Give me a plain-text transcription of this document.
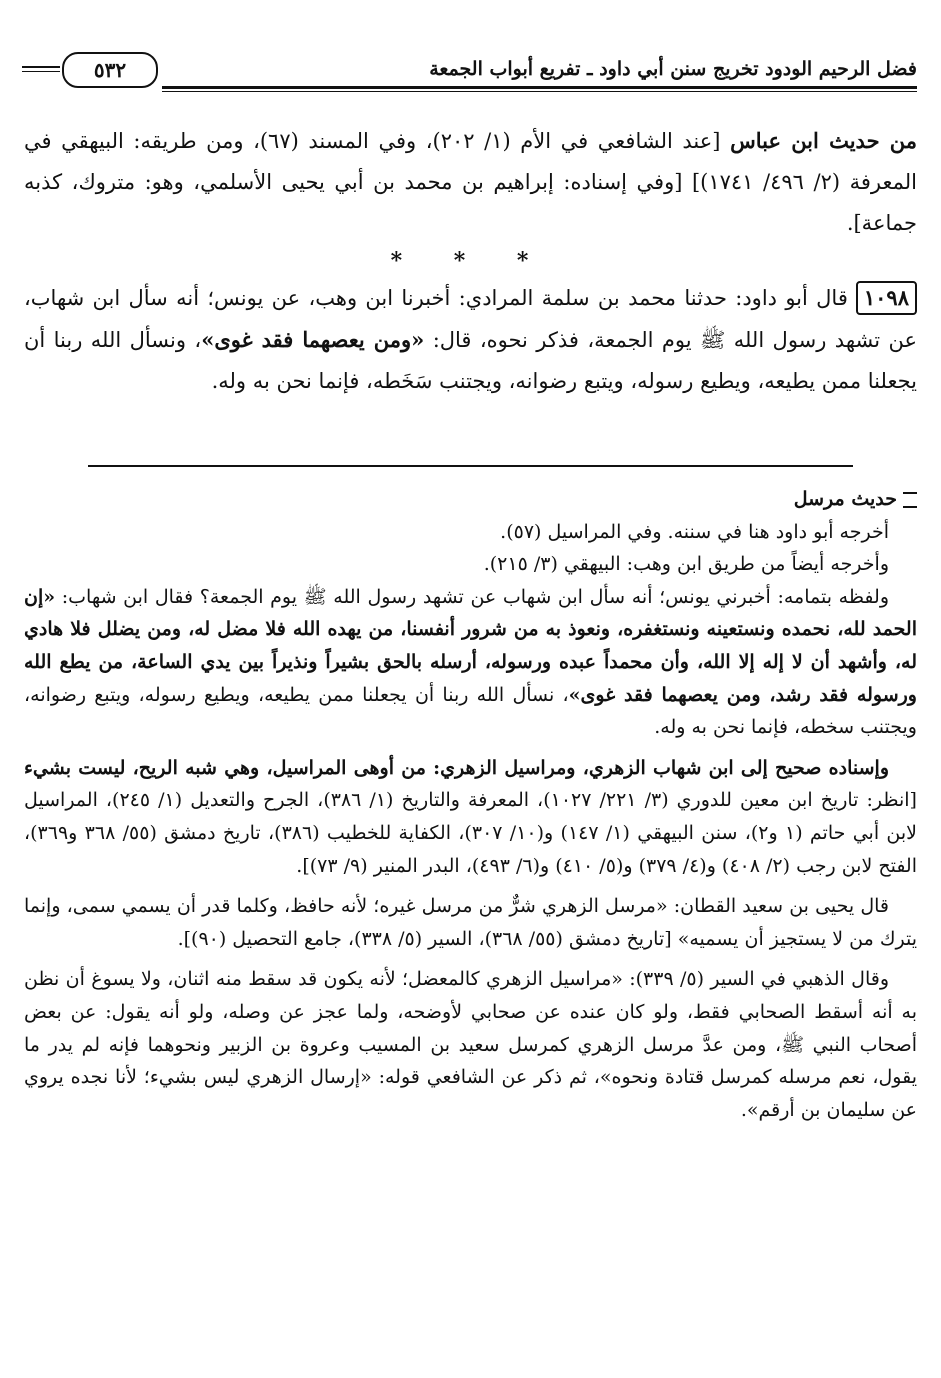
فضل الرحيم الودود تخريج سنن أبي داود ـ تفريع أبواب الجمعة
٥٣٢

من حديث ابن عباس [عند الشافعي في الأم (١/ ٢٠٢)، وفي المسند (٦٧)، ومن طريقه: البيهقي في المعرفة (٢/ ٤٩٦/ ١٧٤١)] [وفي إسناده: إبراهيم بن محمد بن أبي يحيى الأسلمي، وهو: متروك، كذبه جماعة].

* * *

١٠٩٨قال أبو داود: حدثنا محمد بن سلمة المرادي: أخبرنا ابن وهب، عن يونس؛ أنه سأل ابن شهاب، عن تشهد رسول الله ﷺ يوم الجمعة، فذكر نحوه، قال: «ومن يعصهما فقد غوى»، ونسأل الله ربنا أن يجعلنا ممن يطيعه، ويطيع رسوله، ويتبع رضوانه، ويجتنب سَخَطه، فإنما نحن به وله.

حديث مرسل

أخرجه أبو داود هنا في سننه. وفي المراسيل (٥٧).

وأخرجه أيضاً من طريق ابن وهب: البيهقي (٣/ ٢١٥).

ولفظه بتمامه: أخبرني يونس؛ أنه سأل ابن شهاب عن تشهد رسول الله ﷺ يوم الجمعة؟ فقال ابن شهاب: «إن الحمد لله، نحمده ونستعينه ونستغفره، ونعوذ به من شرور أنفسنا، من يهده الله فلا مضل له، ومن يضلل فلا هادي له، وأشهد أن لا إله إلا الله، وأن محمداً عبده ورسوله، أرسله بالحق بشيراً ونذيراً بين يدي الساعة، من يطع الله ورسوله فقد رشد، ومن يعصهما فقد غوى»، نسأل الله ربنا أن يجعلنا ممن يطيعه، ويطيع رسوله، ويتبع رضوانه، ويجتنب سخطه، فإنما نحن به وله.

وإسناده صحيح إلى ابن شهاب الزهري، ومراسيل الزهري: من أوهى المراسيل، وهي شبه الريح، ليست بشيء [انظر: تاريخ ابن معين للدوري (٣/ ٢٢١/ ١٠٢٧)، المعرفة والتاريخ (١/ ٣٨٦)، الجرح والتعديل (١/ ٢٤٥)، المراسيل لابن أبي حاتم (١ و٢)، سنن البيهقي (١/ ١٤٧) و(١٠/ ٣٠٧)، الكفاية للخطيب (٣٨٦)، تاريخ دمشق (٥٥/ ٣٦٨ و٣٦٩)، الفتح لابن رجب (٢/ ٤٠٨) و(٤/ ٣٧٩) و(٥/ ٤١٠) و(٦/ ٤٩٣)، البدر المنير (٩/ ٧٣)].

قال يحيى بن سعيد القطان: «مرسل الزهري شرٌّ من مرسل غيره؛ لأنه حافظ، وكلما قدر أن يسمي سمى، وإنما يترك من لا يستجيز أن يسميه» [تاريخ دمشق (٥٥/ ٣٦٨)، السير (٥/ ٣٣٨)، جامع التحصيل (٩٠)].

وقال الذهبي في السير (٥/ ٣٣٩): «مراسيل الزهري كالمعضل؛ لأنه يكون قد سقط منه اثنان، ولا يسوغ أن نظن به أنه أسقط الصحابي فقط، ولو كان عنده عن صحابي لأوضحه، ولما عجز عن وصله، ولو أنه يقول: عن بعض أصحاب النبي ﷺ، ومن عدَّ مرسل الزهري كمرسل سعيد بن المسيب وعروة بن الزبير ونحوهما فإنه لم يدر ما يقول، نعم مرسله كمرسل قتادة ونحوه»، ثم ذكر عن الشافعي قوله: «إرسال الزهري ليس بشيء؛ لأنا نجده يروي عن سليمان بن أرقم».
